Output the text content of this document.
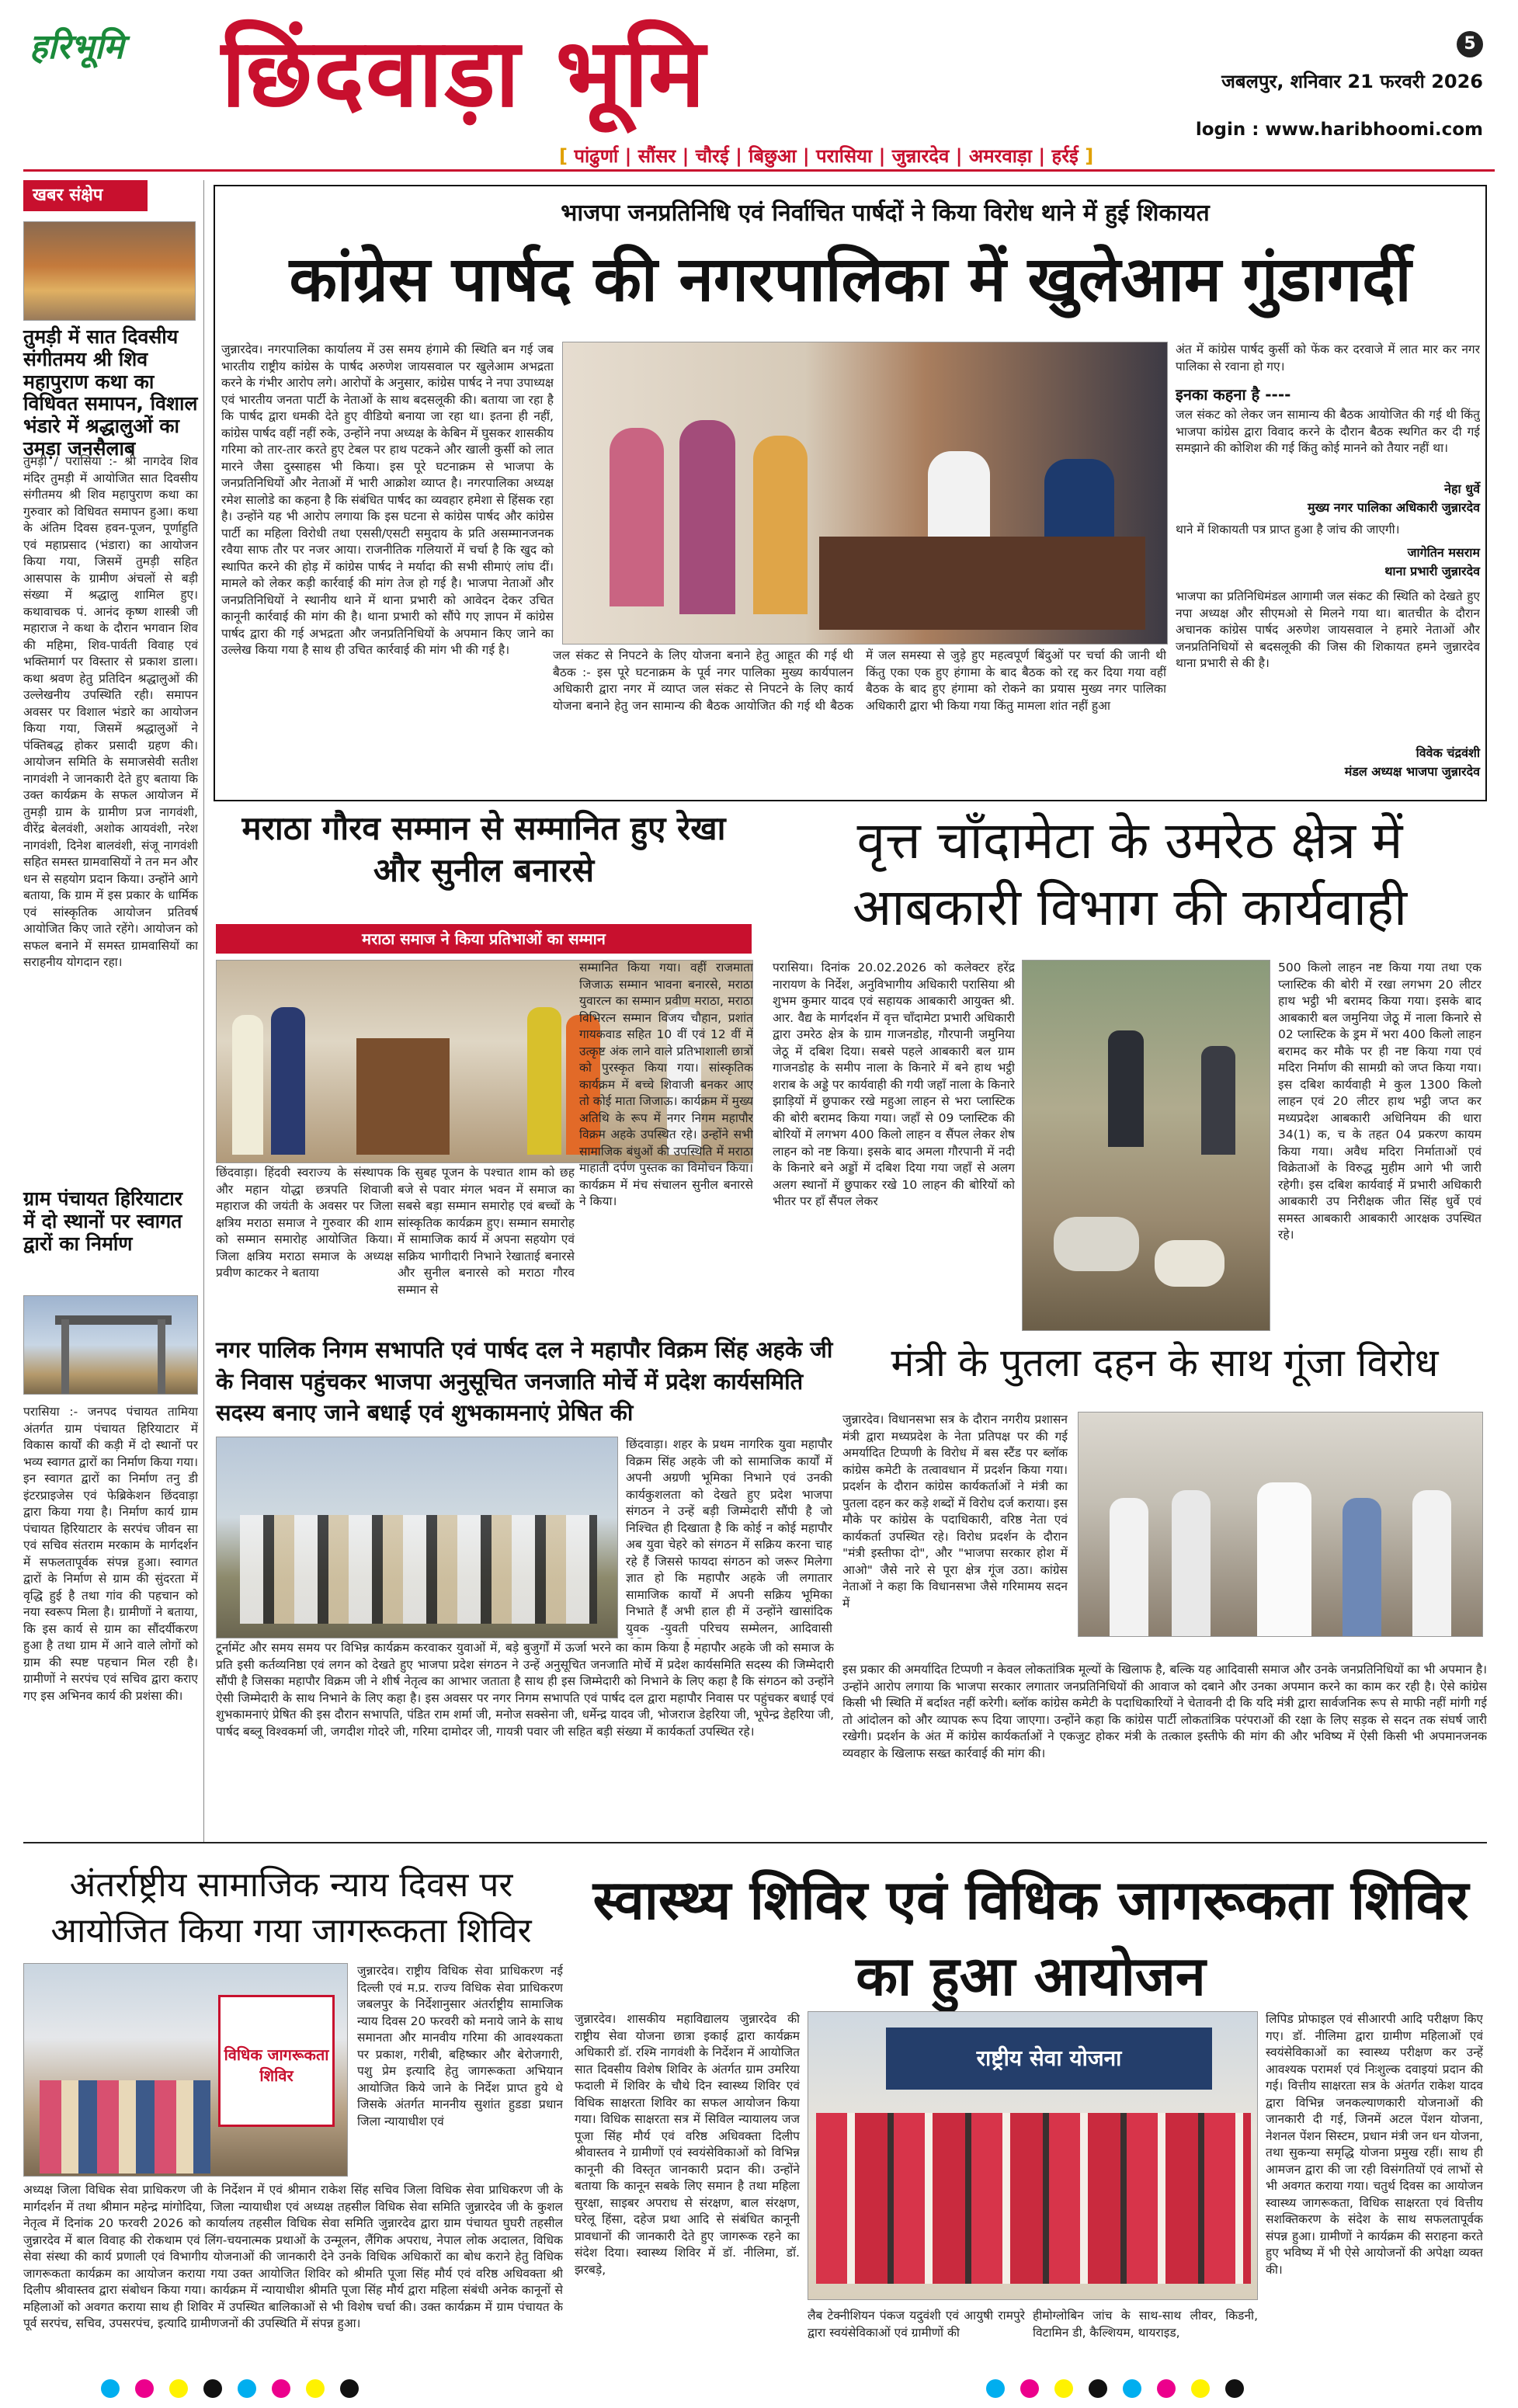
हरिभूमि छिंदवाड़ा भूमि	5
जबलपुर, शनिवार 21 फरवरी 2026
login : www.haribhoomi.com
[ पांढुर्णा | सौंसर | चौरई | बिछुआ | परासिया | जुन्नारदेव | अमरवाड़ा | हर्रई ]
खबर संक्षेप
तुमड़ी में सात दिवसीय संगीतमय श्री शिव महापुराण कथा का विधिवत समापन, विशाल भंडारे में श्रद्धालुओं का उमड़ा जनसैलाब
तुमड़ी / परासिया :- श्री नागदेव शिव मंदिर तुमड़ी में आयोजित सात दिवसीय संगीतमय श्री शिव महापुराण कथा का गुरुवार को विधिवत समापन हुआ। कथा के अंतिम दिवस हवन-पूजन, पूर्णाहुति एवं महाप्रसाद (भंडारा) का आयोजन किया गया, जिसमें तुमड़ी सहित आसपास के ग्रामीण अंचलों से बड़ी संख्या में श्रद्धालु शामिल हुए। कथावाचक पं. आनंद कृष्ण शास्त्री जी महाराज ने कथा के दौरान भगवान शिव की महिमा, शिव-पार्वती विवाह एवं भक्तिमार्ग पर विस्तार से प्रकाश डाला। कथा श्रवण हेतु प्रतिदिन श्रद्धालुओं की उल्लेखनीय उपस्थिति रही। समापन अवसर पर विशाल भंडारे का आयोजन किया गया, जिसमें श्रद्धालुओं ने पंक्तिबद्ध होकर प्रसादी ग्रहण की। आयोजन समिति के समाजसेवी सतीश नागवंशी ने जानकारी देते हुए बताया कि उक्त कार्यक्रम के सफल आयोजन में तुमड़ी ग्राम के ग्रामीण प्रज नागवंशी, वीरेंद्र बेलवंशी, अशोक आयवंशी, नरेश नागवंशी, दिनेश बालवंशी, संजू नागवंशी सहित समस्त ग्रामवासियों ने तन मन और धन से सहयोग प्रदान किया। उन्होंने आगे बताया, कि ग्राम में इस प्रकार के धार्मिक एवं सांस्कृतिक आयोजन प्रतिवर्ष आयोजित किए जाते रहेंगे। आयोजन को सफल बनाने में समस्त ग्रामवासियों का सराहनीय योगदान रहा।
ग्राम पंचायत हिरियाटार में दो स्थानों पर स्वागत द्वारों का निर्माण
परासिया :- जनपद पंचायत तामिया अंतर्गत ग्राम पंचायत हिरियाटार में विकास कार्यों की कड़ी में दो स्थानों पर भव्य स्वागत द्वारों का निर्माण किया गया। इन स्वागत द्वारों का निर्माण तनु डी इंटरप्राइजेस एवं फेब्रिकेशन छिंदवाड़ा द्वारा किया गया है। निर्माण कार्य ग्राम पंचायत हिरियाटार के सरपंच जीवन सा एवं सचिव संतराम मरकाम के मार्गदर्शन में सफलतापूर्वक संपन्न हुआ। स्वागत द्वारों के निर्माण से ग्राम की सुंदरता में वृद्धि हुई है तथा गांव की पहचान को नया स्वरूप मिला है। ग्रामीणों ने बताया, कि इस कार्य से ग्राम का सौंदर्यीकरण हुआ है तथा ग्राम में आने वाले लोगों को ग्राम की स्पष्ट पहचान मिल रही है। ग्रामीणों ने सरपंच एवं सचिव द्वारा कराए गए इस अभिनव कार्य की प्रशंसा की।
भाजपा जनप्रतिनिधि एवं निर्वाचित पार्षदों ने किया विरोध थाने में हुई शिकायत
कांग्रेस पार्षद की नगरपालिका में खुलेआम गुंडागर्दी
जुन्नारदेव। नगरपालिका कार्यालय में उस समय हंगामे की स्थिति बन गई जब भारतीय राष्ट्रीय कांग्रेस के पार्षद अरुणेश जायसवाल पर खुलेआम अभद्रता करने के गंभीर आरोप लगे। आरोपों के अनुसार, कांग्रेस पार्षद ने नपा उपाध्यक्ष एवं भारतीय जनता पार्टी के नेताओं के साथ बदसलूकी की। बताया जा रहा है कि पार्षद द्वारा धमकी देते हुए वीडियो बनाया जा रहा था। इतना ही नहीं, कांग्रेस पार्षद वहीं नहीं रुके, उन्होंने नपा अध्यक्ष के केबिन में घुसकर शासकीय गरिमा को तार-तार करते हुए टेबल पर हाथ पटकने और खाली कुर्सी को लात मारने जैसा दुस्साहस भी किया। इस पूरे घटनाक्रम से भाजपा के जनप्रतिनिधियों और नेताओं में भारी आक्रोश व्याप्त है। नगरपालिका अध्यक्ष रमेश सालोडे का कहना है कि संबंधित पार्षद का व्यवहार हमेशा से हिंसक रहा है। उन्होंने यह भी आरोप लगाया कि इस घटना से कांग्रेस पार्षद और कांग्रेस पार्टी का महिला विरोधी तथा एससी/एसटी समुदाय के प्रति असम्मानजनक रवैया साफ तौर पर नजर आया। राजनीतिक गलियारों में चर्चा है कि खुद को स्थापित करने की होड़ में कांग्रेस पार्षद ने मर्यादा की सभी सीमाएं लांघ दीं। मामले को लेकर कड़ी कार्रवाई की मांग तेज हो गई है। भाजपा नेताओं और जनप्रतिनिधियों ने स्थानीय थाने में थाना प्रभारी को आवेदन देकर उचित कानूनी कार्रवाई की मांग की है। थाना प्रभारी को सौंपे गए ज्ञापन में कांग्रेस पार्षद द्वारा की गई अभद्रता और जनप्रतिनिधियों के अपमान किए जाने का उल्लेख किया गया है साथ ही उचित कार्रवाई की मांग भी की गई है।	जल संकट से निपटने के लिए योजना बनाने हेतु आहूत की गई थी बैठक :- इस पूरे घटनाक्रम के पूर्व नगर पालिका मुख्य कार्यपालन अधिकारी द्वारा नगर में व्याप्त जल संकट से निपटने के लिए कार्य योजना बनाने हेतु जन सामान्य की बैठक आयोजित की गई थी बैठक में जल समस्या से जुड़े हुए महत्वपूर्ण बिंदुओं पर चर्चा की जानी थी किंतु एका एक हुए हंगामा के बाद बैठक को रद्द कर दिया गया वहीं बैठक के बाद हुए हंगामा को रोकने का प्रयास मुख्य नगर पालिका अधिकारी द्वारा भी किया गया किंतु मामला शांत नहीं हुआ
अंत में कांग्रेस पार्षद कुर्सी को फेंक कर दरवाजे में लात मार कर नगर पालिका से रवाना हो गए।
इनका कहना है ----
जल संकट को लेकर जन सामान्य की बैठक आयोजित की गई थी किंतु भाजपा कांग्रेस द्वारा विवाद करने के दौरान बैठक स्थगित कर दी गई समझाने की कोशिश की गई किंतु कोई मानने को तैयार नहीं था।
नेहा धुर्वे
मुख्य नगर पालिका अधिकारी जुन्नारदेव
थाने में शिकायती पत्र प्राप्त हुआ है जांच की जाएगी।
जागेतिन मसराम
थाना प्रभारी जुन्नारदेव
भाजपा का प्रतिनिधिमंडल आगामी जल संकट की स्थिति को देखते हुए नपा अध्यक्ष और सीएमओ से मिलने गया था। बातचीत के दौरान अचानक कांग्रेस पार्षद अरुणेश जायसवाल ने हमारे नेताओं और जनप्रतिनिधियों से बदसलूकी की जिस की शिकायत हमने जुन्नारदेव थाना प्रभारी से की है।
विवेक चंद्रवंशी
मंडल अध्यक्ष भाजपा जुन्नारदेव
मराठा गौरव सम्मान से सम्मानित हुए रेखा और सुनील बनारसे
मराठा समाज ने किया प्रतिभाओं का सम्मान
छिंदवाड़ा। हिंदवी स्वराज्य के संस्थापक और महान योद्धा छत्रपति शिवाजी महाराज की जयंती के अवसर पर जिला क्षत्रिय मराठा समाज ने गुरुवार की शाम को सम्मान समारोह आयोजित किया। जिला क्षत्रिय मराठा समाज के अध्यक्ष प्रवीण काटकर ने बताया
कि सुबह पूजन के पश्चात शाम को छह बजे से पवार मंगल भवन में समाज का सबसे बड़ा सम्मान समारोह एवं बच्चों के सांस्कृतिक कार्यक्रम हुए। सम्मान समारोह में सामाजिक कार्य में अपना सहयोग एवं सक्रिय भागीदारी निभाने रेखाताई बनारसे और सुनील बनारसे को मराठा गौरव सम्मान से
सम्मानित किया गया। वहीं राजमाता जिजाऊ सम्मान भावना बनारसे, मराठा युवारत्न का सम्मान प्रवीण मराठा, मराठा विभिरत्न सम्मान विजय चौहान, प्रशांत गायकवाड सहित 10 वीं एवं 12 वीं में उत्कृष्ट अंक लाने वाले प्रतिभाशाली छात्रों को पुरस्कृत किया गया। सांस्कृतिक कार्यक्रम में बच्चे शिवाजी बनकर आए तो कोई माता जिजाऊ। कार्यक्रम में मुख्य अतिथि के रूप में नगर निगम महापौर विक्रम अहके उपस्थित रहे। उन्होंने सभी सामाजिक बंधुओं की उपस्थिति में मराठा माहाती दर्पण पुस्तक का विमोचन किया। कार्यक्रम में मंच संचालन सुनील बनारसे ने किया।
वृत्त चाँदामेटा के उमरेठ क्षेत्र में आबकारी विभाग की कार्यवाही
परासिया। दिनांक 20.02.2026 को कलेक्टर हरेंद्र नारायण के निर्देश, अनुविभागीय अधिकारी परासिया श्री शुभम कुमार यादव एवं सहायक आबकारी आयुक्त श्री. आर. वैद्य के मार्गदर्शन में वृत्त चाँदामेटा प्रभारी अधिकारी द्वारा उमरेठ क्षेत्र के ग्राम गाजनडोह, गौरपानी जमुनिया जेठू में दबिश दिया। सबसे पहले आबकारी बल ग्राम गाजनडोह के समीप नाला के किनारे में बने हाथ भट्ठी शराब के अड्डे पर कार्यवाही की गयी जहाँ नाला के किनारे झाड़ियों में छुपाकर रखे महुआ लाहन से भरा प्लास्टिक की बोरी बरामद किया गया। जहाँ से 09 प्लास्टिक की बोरियों में लगभग 400 किलो लाहन व सैंपल लेकर शेष लाहन को नष्ट किया। इसके बाद अमला गौरपानी में नदी के किनारे बने अड्डों में दबिश दिया गया जहाँ से अलग अलग स्थानों में छुपाकर रखे 10 लाहन की बोरियों को भीतर पर हाँ सैंपल लेकर
500 किलो लाहन नष्ट किया गया तथा एक प्लास्टिक की बोरी में रखा लगभग 20 लीटर हाथ भट्ठी भी बरामद किया गया। इसके बाद आबकारी बल जमुनिया जेठू में नाला किनारे से 02 प्लास्टिक के ड्रम में भरा 400 किलो लाहन बरामद कर मौके पर ही नष्ट किया गया एवं मदिरा निर्माण की सामग्री को जप्त किया गया। इस दबिश कार्यवाही मे कुल 1300 किलो लाहन एवं 20 लीटर हाथ भट्ठी जप्त कर मध्यप्रदेश आबकारी अधिनियम की धारा 34(1) क, च के तहत 04 प्रकरण कायम किया गया। अवैध मदिरा निर्माताओं एवं विक्रेताओं के विरुद्ध मुहीम आगे भी जारी रहेगी। इस दबिश कार्यवाई में प्रभारी अधिकारी आबकारी उप निरीक्षक जीत सिंह धुर्वे एवं समस्त आबकारी आबकारी आरक्षक उपस्थित रहे।
नगर पालिक निगम सभापति एवं पार्षद दल ने महापौर विक्रम सिंह अहके जी के निवास पहुंचकर भाजपा अनुसूचित जनजाति मोर्चे में प्रदेश कार्यसमिति सदस्य बनाए जाने बधाई एवं शुभकामनाएं प्रेषित की
छिंदवाड़ा। शहर के प्रथम नागरिक युवा महापौर विक्रम सिंह अहके जी को सामाजिक कार्यों में अपनी अग्रणी भूमिका निभाने एवं उनकी कार्यकुशलता को देखते हुए प्रदेश भाजपा संगठन ने उन्हें बड़ी जिम्मेदारी सौंपी है जो निश्चित ही दिखाता है कि कोई न कोई महापौर अब युवा चेहरे को संगठन में सक्रिय करना चाह रहे हैं जिससे फायदा संगठन को जरूर मिलेगा ज्ञात हो कि महापौर अहके जी लगातार सामाजिक कार्यों में अपनी सक्रिय भूमिका निभाते हैं अभी हाल ही में उन्होंने खासांदिक युवक -युवती परिचय सम्मेलन, आदिवासी
टूर्नामेंट और समय समय पर विभिन्न कार्यक्रम करवाकर युवाओं में, बड़े बुजुर्गों में ऊर्जा भरने का काम किया है महापौर अहके जी को समाज के प्रति इसी कर्तव्यनिष्ठा एवं लगन को देखते हुए भाजपा प्रदेश संगठन ने उन्हें अनुसूचित जनजाति मोर्चे में प्रदेश कार्यसमिति सदस्य की जिम्मेदारी सौंपी है जिसका महापौर विक्रम जी ने शीर्ष नेतृत्व का आभार जताता है साथ ही इस जिम्मेदारी को निभाने के लिए कहा है कि संगठन को उन्होंने ऐसी जिम्मेदारी के साथ निभाने के लिए कहा है। इस अवसर पर नगर निगम सभापति एवं पार्षद दल द्वारा महापौर निवास पर पहुंचकर बधाई एवं शुभकामनाएं प्रेषित की इस दौरान सभापति, पंडित राम शर्मा जी, मनोज सक्सेना जी, धर्मेन्द्र यादव जी, भोजराज डेहरिया जी, भूपेन्द्र डेहरिया जी, पार्षद बब्लू विश्वकर्मा जी, जगदीश गोदरे जी, गरिमा दामोदर जी, गायत्री पवार जी सहित बड़ी संख्या में कार्यकर्ता उपस्थित रहे।
मंत्री के पुतला दहन के साथ गूंजा विरोध
जुन्नारदेव। विधानसभा सत्र के दौरान नगरीय प्रशासन मंत्री द्वारा मध्यप्रदेश के नेता प्रतिपक्ष पर की गई अमर्यादित टिप्पणी के विरोध में बस स्टैंड पर ब्लॉक कांग्रेस कमेटी के तत्वावधान में प्रदर्शन किया गया। प्रदर्शन के दौरान कांग्रेस कार्यकर्ताओं ने मंत्री का पुतला दहन कर कड़े शब्दों में विरोध दर्ज कराया। इस मौके पर कांग्रेस के पदाधिकारी, वरिष्ठ नेता एवं कार्यकर्ता उपस्थित रहे। विरोध प्रदर्शन के दौरान "मंत्री इस्तीफा दो", और "भाजपा सरकार होश में आओ" जैसे नारे से पूरा क्षेत्र गूंज उठा। कांग्रेस नेताओं ने कहा कि विधानसभा जैसे गरिमामय सदन में
इस प्रकार की अमर्यादित टिप्पणी न केवल लोकतांत्रिक मूल्यों के खिलाफ है, बल्कि यह आदिवासी समाज और उनके जनप्रतिनिधियों का भी अपमान है। उन्होंने आरोप लगाया कि भाजपा सरकार लगातार जनप्रतिनिधियों की आवाज को दबाने और उनका अपमान करने का काम कर रही है। ऐसे कांग्रेस किसी भी स्थिति में बर्दाश्त नहीं करेगी। ब्लॉक कांग्रेस कमेटी के पदाधिकारियों ने चेतावनी दी कि यदि मंत्री द्वारा सार्वजनिक रूप से माफी नहीं मांगी गई तो आंदोलन को और व्यापक रूप दिया जाएगा। उन्होंने कहा कि कांग्रेस पार्टी लोकतांत्रिक परंपराओं की रक्षा के लिए सड़क से सदन तक संघर्ष जारी रखेगी। प्रदर्शन के अंत में कांग्रेस कार्यकर्ताओं ने एकजुट होकर मंत्री के तत्काल इस्तीफे की मांग की और भविष्य में ऐसी किसी भी अपमानजनक व्यवहार के खिलाफ सख्त कार्रवाई की मांग की।
अंतर्राष्ट्रीय सामाजिक न्याय दिवस पर आयोजित किया गया जागरूकता शिविर
विधिक जागरूकता शिविर
जुन्नारदेव। राष्ट्रीय विधिक सेवा प्राधिकरण नई दिल्ली एवं म.प्र. राज्य विधिक सेवा प्राधिकरण जबलपुर के निर्देशानुसार अंतर्राष्ट्रीय सामाजिक न्याय दिवस 20 फरवरी को मनाये जाने के साथ समानता और मानवीय गरिमा की आवश्यकता पर प्रकाश, गरीबी, बहिष्कार और बेरोजगारी, पशु प्रेम इत्यादि हेतु जागरूकता अभियान आयोजित किये जाने के निर्देश प्राप्त हुये थे जिसके अंतर्गत माननीय सुशांत हुडडा प्रधान जिला न्यायाधीश एवं
अध्यक्ष जिला विधिक सेवा प्राधिकरण जी के निर्देशन में एवं श्रीमान राकेश सिंह सचिव जिला विधिक सेवा प्राधिकरण जी के मार्गदर्शन में तथा श्रीमान महेन्द्र मांगोदिया, जिला न्यायाधीश एवं अध्यक्ष तहसील विधिक सेवा समिति जुन्नारदेव जी के कुशल नेतृत्व में दिनांक 20 फरवरी 2026 को कार्यालय तहसील विधिक सेवा समिति जुन्नारदेव द्वारा ग्राम पंचायत घुघरी तहसील जुन्नारदेव में बाल विवाह की रोकथाम एवं लिंग-चयनात्मक प्रथाओं के उन्मूलन, लैंगिक अपराध, नेपाल लोक अदालत, विधिक सेवा संस्था की कार्य प्रणाली एवं विभागीय योजनाओं की जानकारी देने उनके विधिक अधिकारों का बोध कराने हेतु विधिक जागरूकता कार्यक्रम का आयोजन कराया गया उक्त आयोजित शिविर को श्रीमति पूजा सिंह मौर्य एवं वरिष्ठ अधिवक्ता श्री दिलीप श्रीवास्तव द्वारा संबोधन किया गया। कार्यक्रम में न्यायाधीश श्रीमति पूजा सिंह मौर्य द्वारा महिला संबंधी अनेक कानूनों से महिलाओं को अवगत कराया साथ ही शिविर में उपस्थित बालिकाओं से भी विशेष चर्चा की। उक्त कार्यक्रम में ग्राम पंचायत के पूर्व सरपंच, सचिव, उपसरपंच, इत्यादि ग्रामीणजनों की उपस्थिति में संपन्न हुआ।
स्वास्थ्य शिविर एवं विधिक जागरूकता शिविर का हुआ आयोजन
जुन्नारदेव। शासकीय महाविद्यालय जुन्नारदेव की राष्ट्रीय सेवा योजना छात्रा इकाई द्वारा कार्यक्रम अधिकारी डॉ. रश्मि नागवंशी के निर्देशन में आयोजित सात दिवसीय विशेष शिविर के अंतर्गत ग्राम उमरिया फदाली में शिविर के चौथे दिन स्वास्थ्य शिविर एवं विधिक साक्षरता शिविर का सफल आयोजन किया गया। विधिक साक्षरता सत्र में सिविल न्यायालय जज पूजा सिंह मौर्य एवं वरिष्ठ अधिवक्ता दिलीप श्रीवास्तव ने ग्रामीणों एवं स्वयंसेविकाओं को विभिन्न कानूनी की विस्तृत जानकारी प्रदान की। उन्होंने बताया कि कानून सबके लिए समान है तथा महिला सुरक्षा, साइबर अपराध से संरक्षण, बाल संरक्षण, घरेलू हिंसा, दहेज प्रथा आदि से संबंधित कानूनी प्रावधानों की जानकारी देते हुए जागरूक रहने का संदेश दिया। स्वास्थ्य शिविर में डॉ. नीलिमा, डॉ. झरबड़े,
राष्ट्रीय सेवा योजना
लैब टेक्नीशियन पंकज यदुवंशी एवं आयुषी रामपुरे द्वारा स्वयंसेविकाओं एवं ग्रामीणों की
हीमोग्लोबिन जांच के साथ-साथ लीवर, किडनी, विटामिन डी, कैल्शियम, थायराइड,
लिपिड प्रोफाइल एवं सीआरपी आदि परीक्षण किए गए। डॉ. नीलिमा द्वारा ग्रामीण महिलाओं एवं स्वयंसेविकाओं का स्वास्थ्य परीक्षण कर उन्हें आवश्यक परामर्श एवं निःशुल्क दवाइयां प्रदान की गई। वित्तीय साक्षरता सत्र के अंतर्गत राकेश यादव द्वारा विभिन्न जनकल्याणकारी योजनाओं की जानकारी दी गई, जिनमें अटल पेंशन योजना, नेशनल पेंशन सिस्टम, प्रधान मंत्री जन धन योजना, तथा सुकन्या समृद्धि योजना प्रमुख रहीं। साथ ही आमजन द्वारा की जा रही विसंगतियों एवं लाभों से भी अवगत कराया गया। चतुर्थ दिवस का आयोजन स्वास्थ्य जागरूकता, विधिक साक्षरता एवं वित्तीय सशक्तिकरण के संदेश के साथ सफलतापूर्वक संपन्न हुआ। ग्रामीणों ने कार्यक्रम की सराहना करते हुए भविष्य में भी ऐसे आयोजनों की अपेक्षा व्यक्त की।
